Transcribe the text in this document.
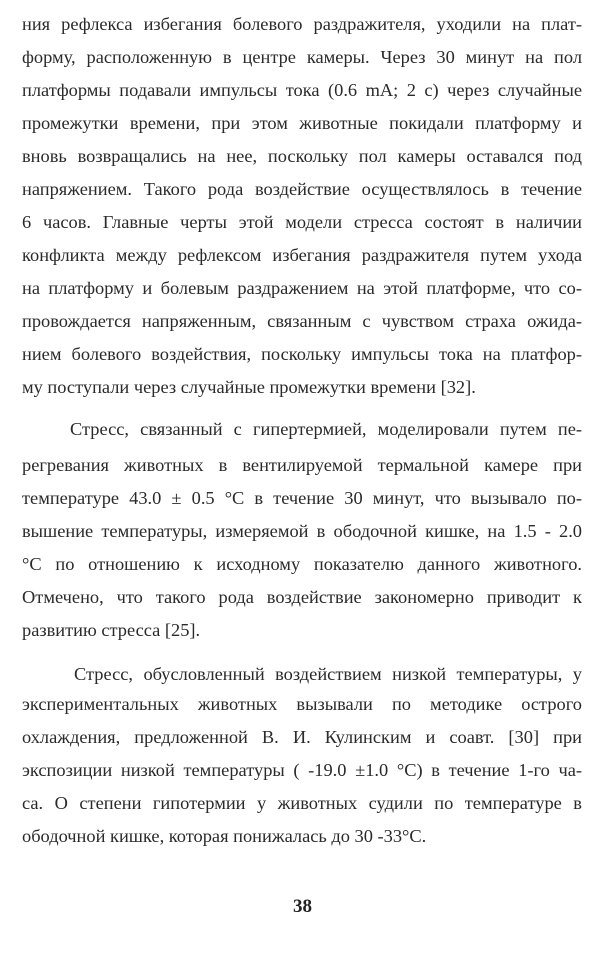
ния рефлекса избегания болевого раздражителя, уходили на плат-
форму, расположенную в центре камеры. Через 30 минут на пол
платформы подавали импульсы тока (0.6 mA; 2 c) через случайные
промежутки времени, при этом животные покидали платформу и
вновь возвращались на нее, поскольку пол камеры оставался под
напряжением. Такого рода воздействие осуществлялось в течение
6 часов. Главные черты этой модели стресса состоят в наличии
конфликта между рефлексом избегания раздражителя путем ухода
на платформу и болевым раздражением на этой платформе, что со-
провождается напряженным, связанным с чувством страха ожида-
нием болевого воздействия, поскольку импульсы тока на платфор-
му поступали через случайные промежутки времени [32].
Стресс, связанный с гипертермией, моделировали путем пе-
регревания животных в вентилируемой термальной камере при
температуре 43.0 ± 0.5 °С в течение 30 минут, что вызывало по-
вышение температуры, измеряемой в ободочной кишке, на 1.5 - 2.0
°С по отношению к исходному показателю данного животного.
Отмечено, что такого рода воздействие закономерно приводит к
развитию стресса [25].
Стресс, обусловленный воздействием низкой температуры, у
экспериментальных животных вызывали по методике острого
охлаждения, предложенной В. И. Кулинским и соавт. [30] при
экспозиции низкой температуры ( -19.0 ±1.0 °С) в течение 1-го ча-
са. О степени гипотермии у животных судили по температуре в
ободочной кишке, которая понижалась до 30 -33°С.
38
